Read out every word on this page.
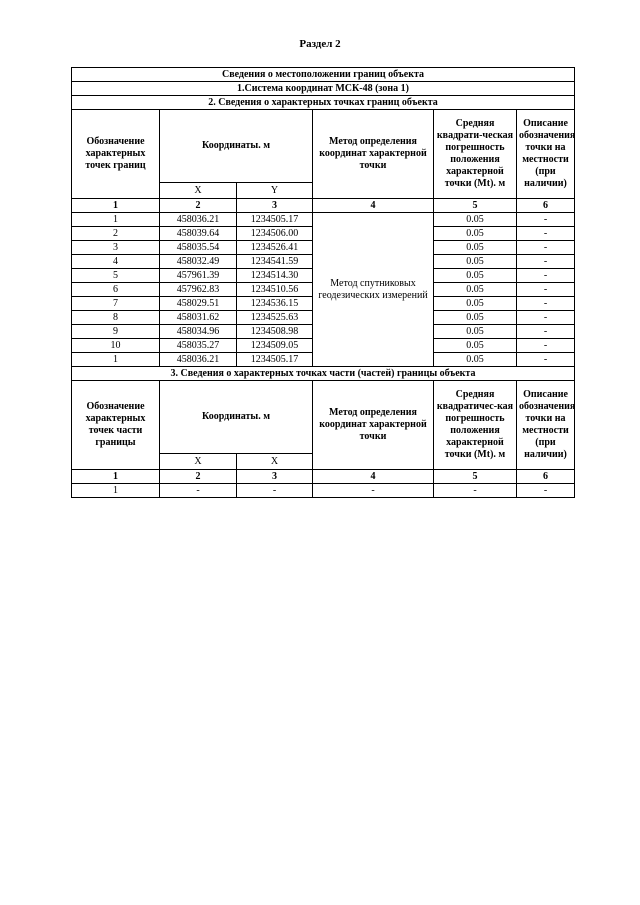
Раздел 2
Сведения о местоположении границ объекта					
1.Система координат МСК-48 (зона 1)					
2. Сведения о характерных точках границ объекта					
Обозначение характерных точек границ	Координаты. м		Метод определения координат характерной точки	Средняя квадрати-ческая погрешность положения характерной точки (Mt). м	Описание обозначения точки на местности (при наличии)
	X	Y			
1	2	3	4	5	6
1	458036.21	1234505.17	Метод спутниковых геодезических измерений	0.05	-
2	458039.64	1234506.00		0.05	-
3	458035.54	1234526.41		0.05	-
4	458032.49	1234541.59		0.05	-
5	457961.39	1234514.30		0.05	-
6	457962.83	1234510.56		0.05	-
7	458029.51	1234536.15		0.05	-
8	458031.62	1234525.63		0.05	-
9	458034.96	1234508.98		0.05	-
10	458035.27	1234509.05		0.05	-
1	458036.21	1234505.17		0.05	-
3. Сведения о характерных точках части (частей) границы объекта					
Обозначение характерных точек части границы	Координаты. м		Метод определения координат характерной точки	Средняя квадратичес-кая погрешность положения характерной точки (Mt). м	Описание обозначения точки на местности (при наличии)
	X	X			
1	2	3	4	5	6
1	-	-	-	-	-
